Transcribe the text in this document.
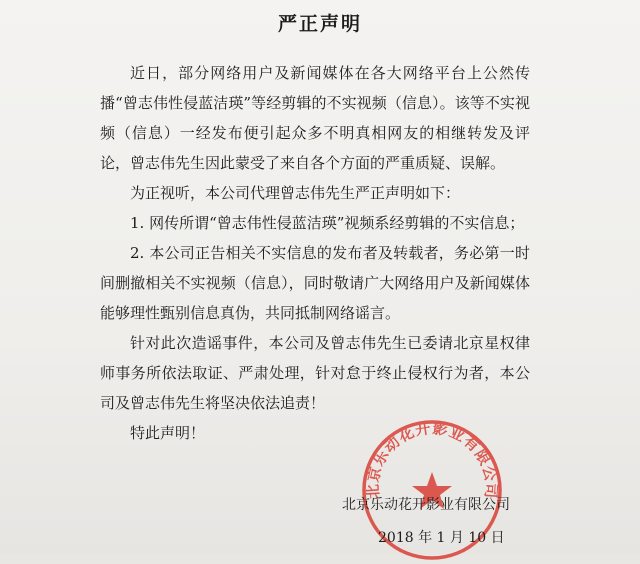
严正声明

近日，部分网络用户及新闻媒体在各大网络平台上公然传播“曾志伟性侵蓝洁瑛”等经剪辑的不实视频（信息）。该等不实视频（信息）一经发布便引起众多不明真相网友的相继转发及评论，曾志伟先生因此蒙受了来自各个方面的严重质疑、误解。

为正视听，本公司代理曾志伟先生严正声明如下：

1. 网传所谓“曾志伟性侵蓝洁瑛”视频系经剪辑的不实信息；

2. 本公司正告相关不实信息的发布者及转载者，务必第一时间删撤相关不实视频（信息），同时敬请广大网络用户及新闻媒体能够理性甄别信息真伪，共同抵制网络谣言。

针对此次造谣事件，本公司及曾志伟先生已委请北京星权律师事务所依法取证、严肃处理，针对怠于终止侵权行为者，本公司及曾志伟先生将坚决依法追责！

特此声明！

北京乐动花开影业有限公司
北京乐动花开影业有限公司
2018 年 1 月 10 日
